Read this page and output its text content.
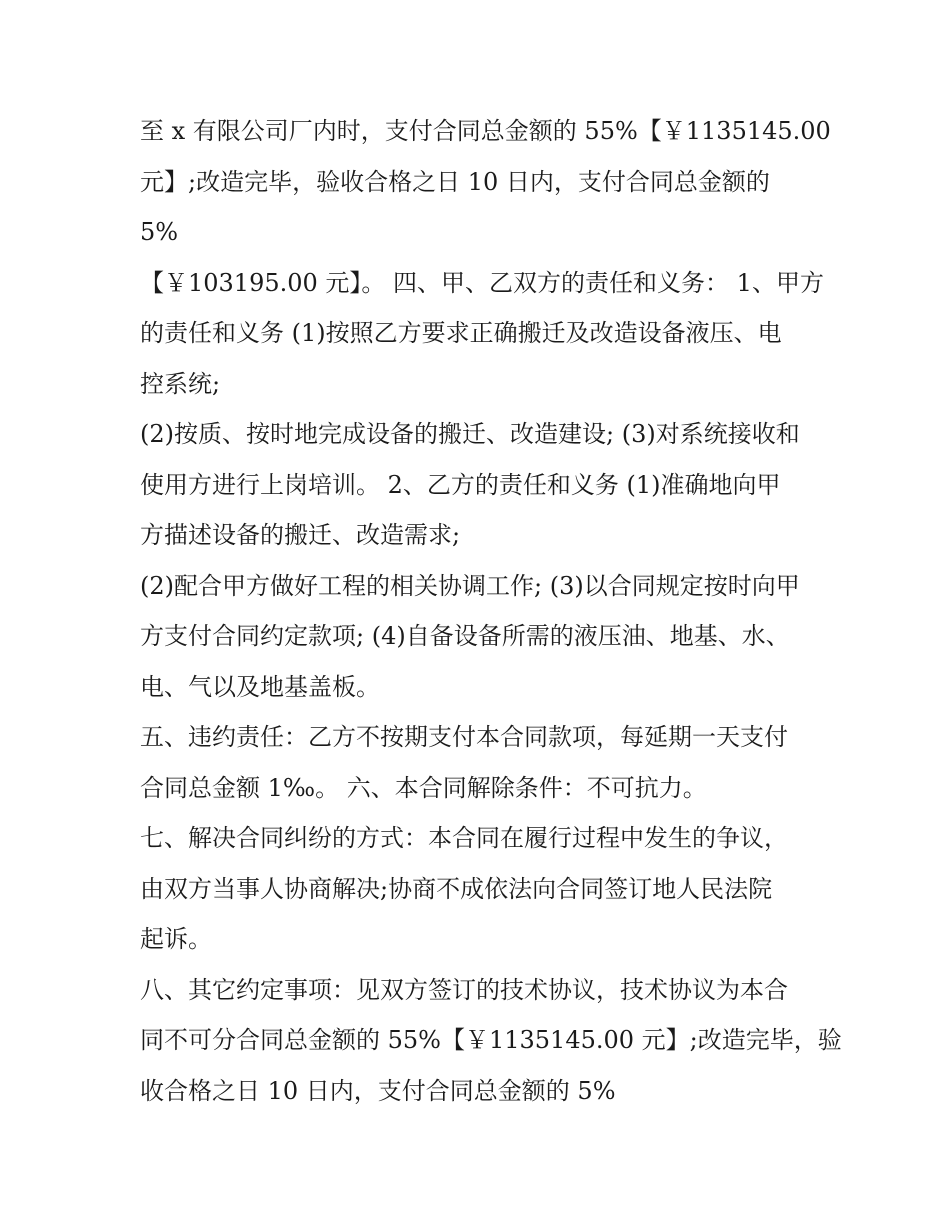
至 x 有限公司厂内时，支付合同总金额的 55%【￥1135145.00

元】;改造完毕，验收合格之日 10 日内，支付合同总金额的

5%

【￥103195.00 元】。 四、甲、乙双方的责任和义务： 1、甲方

的责任和义务 (1)按照乙方要求正确搬迁及改造设备液压、电

控系统;

(2)按质、按时地完成设备的搬迁、改造建设; (3)对系统接收和

使用方进行上岗培训。 2、乙方的责任和义务 (1)准确地向甲

方描述设备的搬迁、改造需求;

(2)配合甲方做好工程的相关协调工作; (3)以合同规定按时向甲

方支付合同约定款项; (4)自备设备所需的液压油、地基、水、

电、气以及地基盖板。

五、违约责任：乙方不按期支付本合同款项，每延期一天支付

合同总金额 1‰。 六、本合同解除条件：不可抗力。

七、解决合同纠纷的方式：本合同在履行过程中发生的争议，

由双方当事人协商解决;协商不成依法向合同签订地人民法院

起诉。

八、其它约定事项：见双方签订的技术协议，技术协议为本合

同不可分合同总金额的 55%【￥1135145.00 元】;改造完毕，验

收合格之日 10 日内，支付合同总金额的 5%
